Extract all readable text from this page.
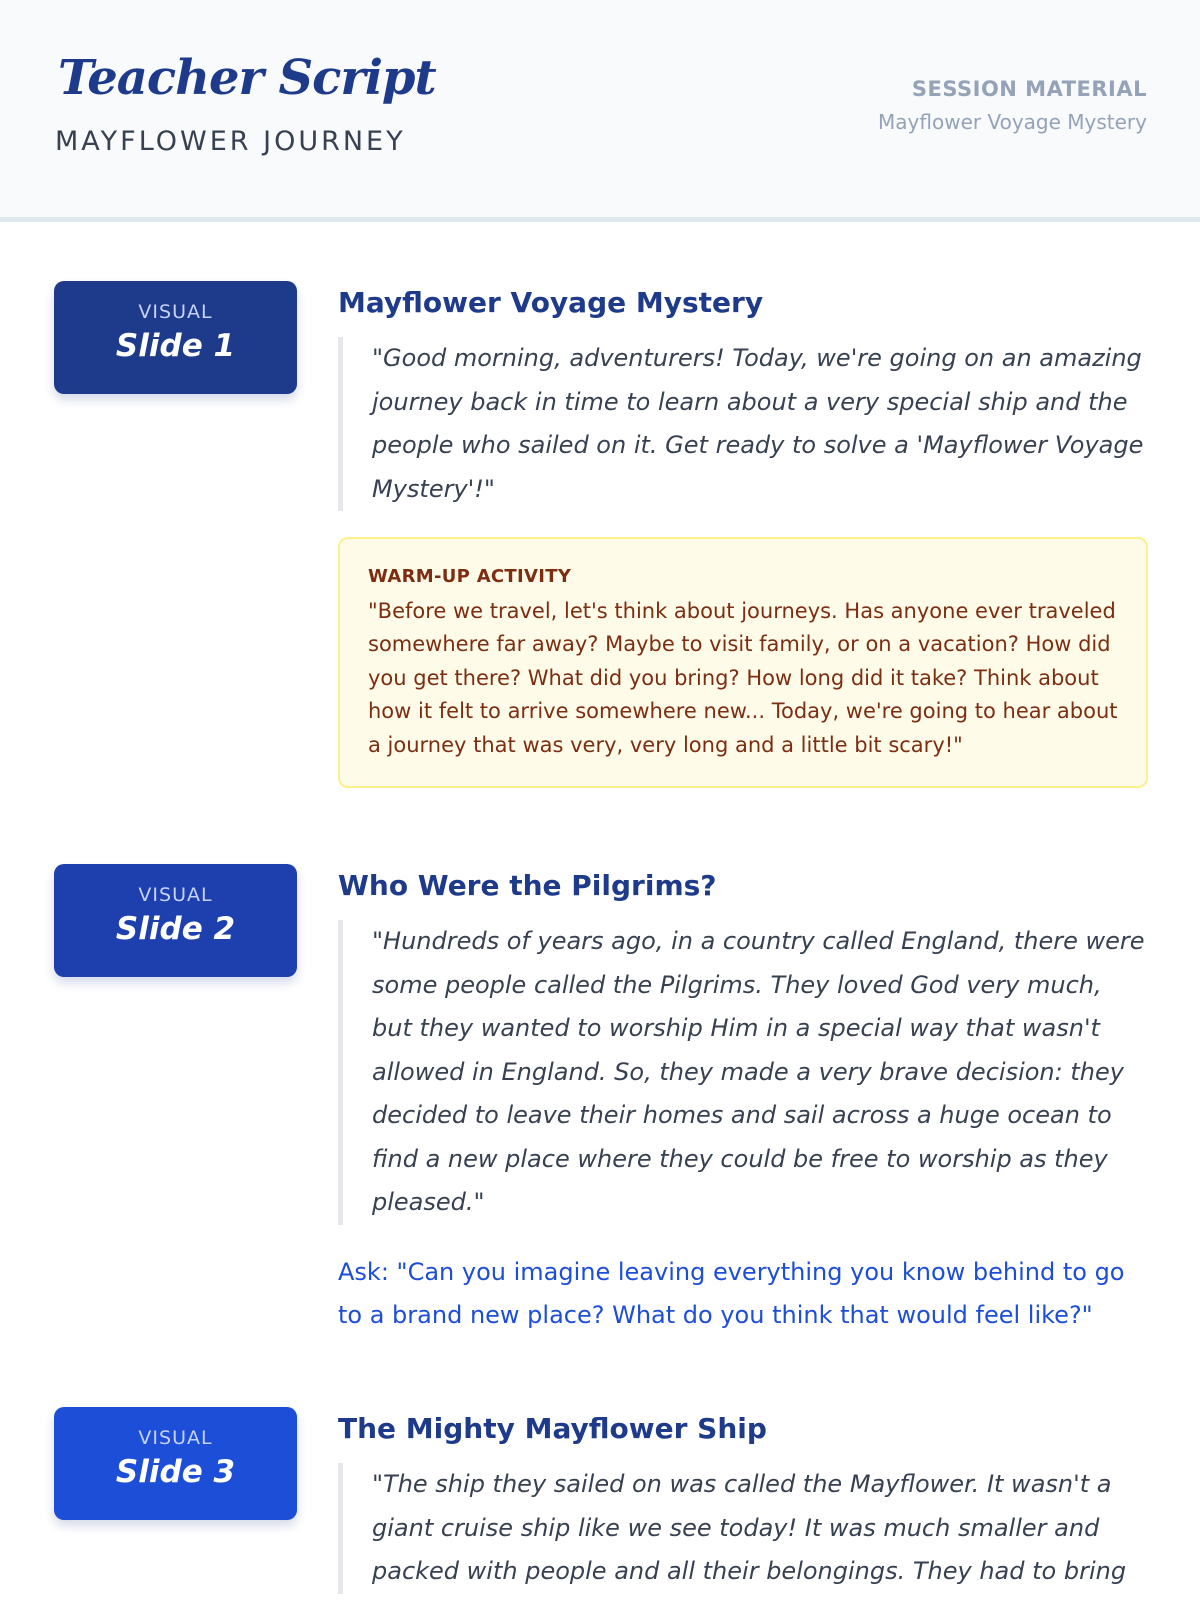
Teacher Script
MAYFLOWER JOURNEY
SESSION MATERIAL
Mayflower Voyage Mystery
VISUAL
Slide 1
Mayflower Voyage Mystery
"Good morning, adventurers! Today, we're going on an amazing journey back in time to learn about a very special ship and the people who sailed on it. Get ready to solve a 'Mayflower Voyage Mystery'!"
WARM-UP ACTIVITY
"Before we travel, let's think about journeys. Has anyone ever traveled somewhere far away? Maybe to visit family, or on a vacation? How did you get there? What did you bring? How long did it take? Think about how it felt to arrive somewhere new... Today, we're going to hear about a journey that was very, very long and a little bit scary!"
VISUAL
Slide 2
Who Were the Pilgrims?
"Hundreds of years ago, in a country called England, there were some people called the Pilgrims. They loved God very much, but they wanted to worship Him in a special way that wasn't allowed in England. So, they made a very brave decision: they decided to leave their homes and sail across a huge ocean to find a new place where they could be free to worship as they pleased."
Ask: "Can you imagine leaving everything you know behind to go to a brand new place? What do you think that would feel like?"
VISUAL
Slide 3
The Mighty Mayflower Ship
"The ship they sailed on was called the Mayflower. It wasn't a giant cruise ship like we see today! It was much smaller and packed with people and all their belongings. They had to bring
